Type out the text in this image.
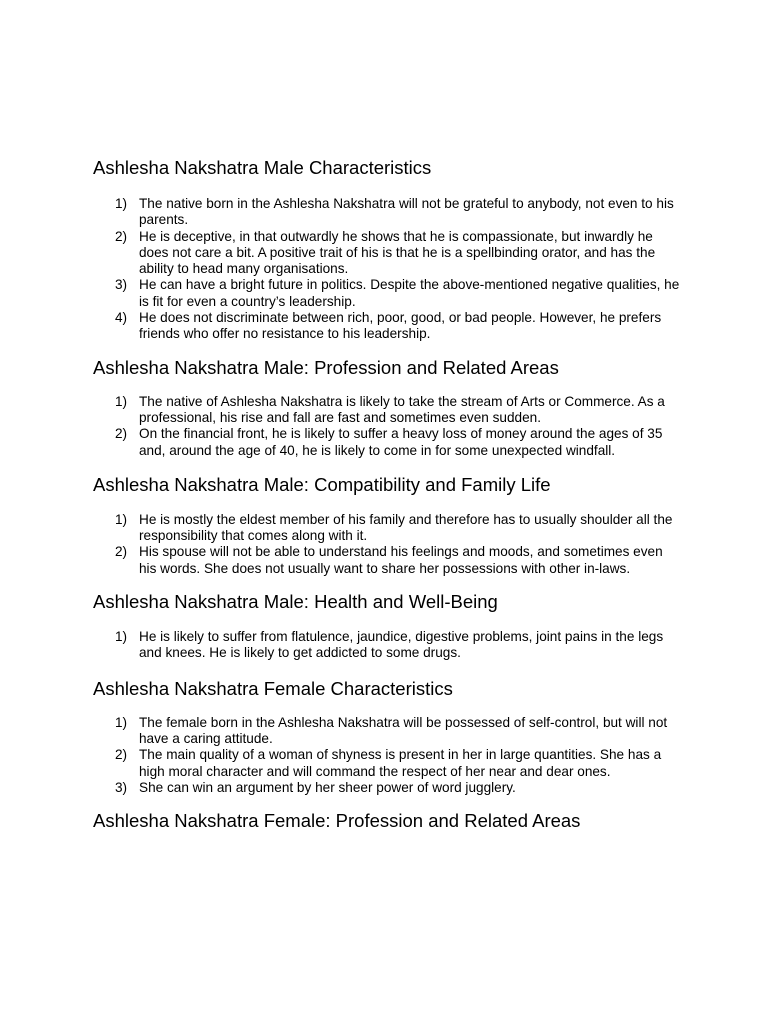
Ashlesha Nakshatra Male Characteristics
1) The native born in the Ashlesha Nakshatra will not be grateful to anybody, not even to his parents.
2) He is deceptive, in that outwardly he shows that he is compassionate, but inwardly he does not care a bit. A positive trait of his is that he is a spellbinding orator, and has the ability to head many organisations.
3) He can have a bright future in politics. Despite the above-mentioned negative qualities, he is fit for even a country’s leadership.
4) He does not discriminate between rich, poor, good, or bad people. However, he prefers friends who offer no resistance to his leadership.
Ashlesha Nakshatra Male: Profession and Related Areas
1) The native of Ashlesha Nakshatra is likely to take the stream of Arts or Commerce. As a professional, his rise and fall are fast and sometimes even sudden.
2) On the financial front, he is likely to suffer a heavy loss of money around the ages of 35 and, around the age of 40, he is likely to come in for some unexpected windfall.
Ashlesha Nakshatra Male: Compatibility and Family Life
1) He is mostly the eldest member of his family and therefore has to usually shoulder all the responsibility that comes along with it.
2) His spouse will not be able to understand his feelings and moods, and sometimes even his words. She does not usually want to share her possessions with other in-laws.
Ashlesha Nakshatra Male: Health and Well-Being
1) He is likely to suffer from flatulence, jaundice, digestive problems, joint pains in the legs and knees. He is likely to get addicted to some drugs.
Ashlesha Nakshatra Female Characteristics
1) The female born in the Ashlesha Nakshatra will be possessed of self-control, but will not have a caring attitude.
2) The main quality of a woman of shyness is present in her in large quantities. She has a high moral character and will command the respect of her near and dear ones.
3) She can win an argument by her sheer power of word jugglery.
Ashlesha Nakshatra Female: Profession and Related Areas
